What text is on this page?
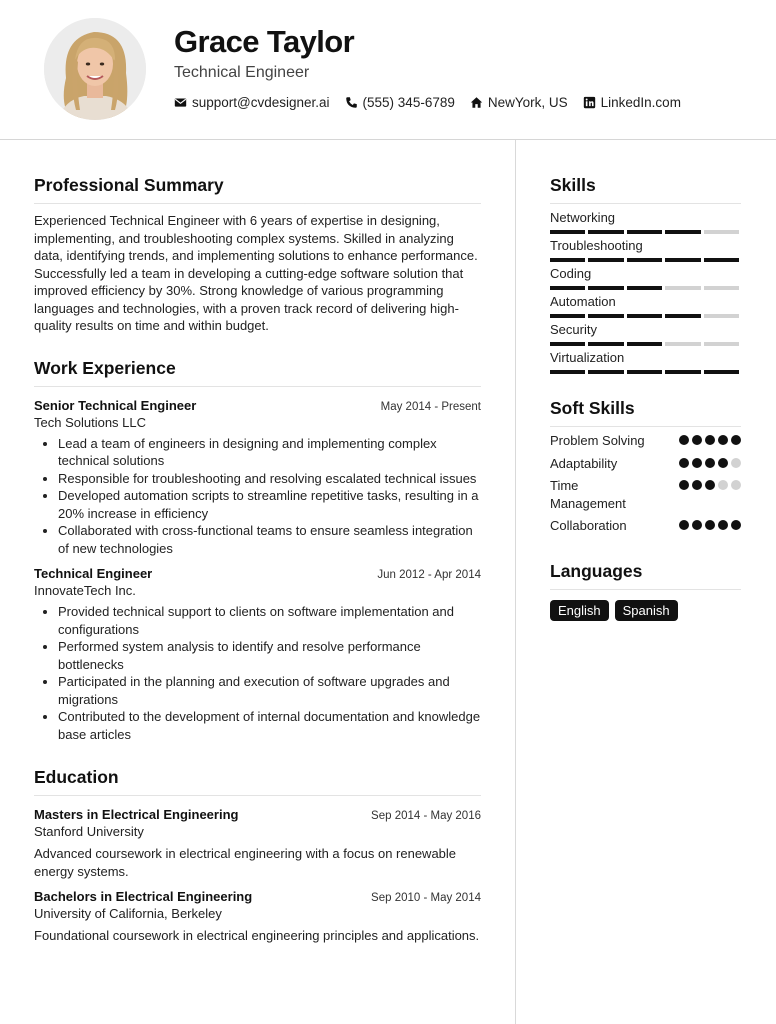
Grace Taylor
Technical Engineer
support@cvdesigner.ai (555) 345-6789 NewYork, US LinkedIn.com
Professional Summary
Experienced Technical Engineer with 6 years of expertise in designing, implementing, and troubleshooting complex systems. Skilled in analyzing data, identifying trends, and implementing solutions to enhance performance. Successfully led a team in developing a cutting-edge software solution that improved efficiency by 30%. Strong knowledge of various programming languages and technologies, with a proven track record of delivering high-quality results on time and within budget.
Work Experience
Senior Technical Engineer	May 2014 - Present
Tech Solutions LLC
• Lead a team of engineers in designing and implementing complex technical solutions
• Responsible for troubleshooting and resolving escalated technical issues
• Developed automation scripts to streamline repetitive tasks, resulting in a 20% increase in efficiency
• Collaborated with cross-functional teams to ensure seamless integration of new technologies
Technical Engineer	Jun 2012 - Apr 2014
InnovateTech Inc.
• Provided technical support to clients on software implementation and configurations
• Performed system analysis to identify and resolve performance bottlenecks
• Participated in the planning and execution of software upgrades and migrations
• Contributed to the development of internal documentation and knowledge base articles
Education
Masters in Electrical Engineering	Sep 2014 - May 2016
Stanford University
Advanced coursework in electrical engineering with a focus on renewable energy systems.
Bachelors in Electrical Engineering	Sep 2010 - May 2014
University of California, Berkeley
Foundational coursework in electrical engineering principles and applications.
Skills
Networking
Troubleshooting
Coding
Automation
Security
Virtualization
Soft Skills
Problem Solving
Adaptability
Time Management
Collaboration
Languages
English	Spanish
